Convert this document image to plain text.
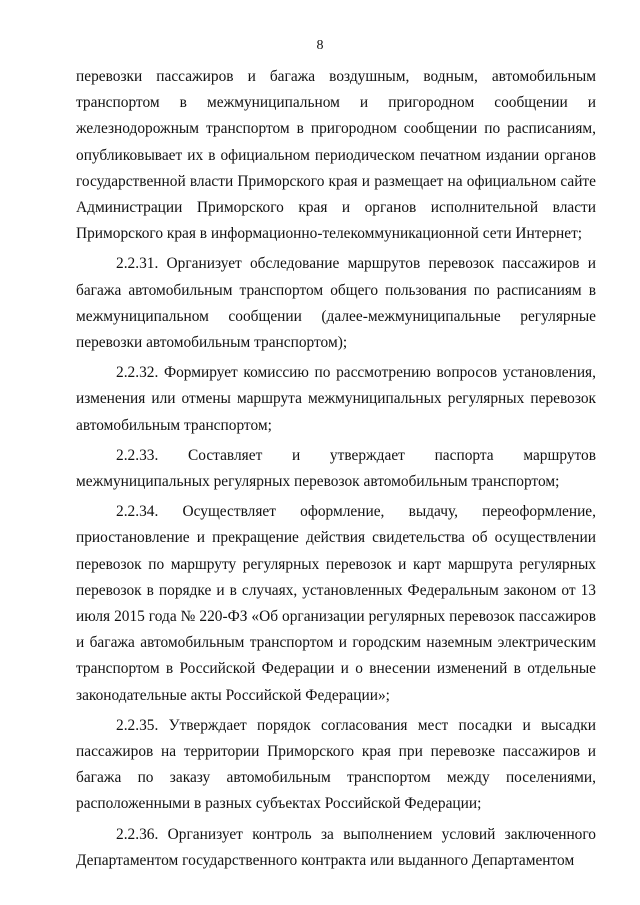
8

перевозки пассажиров и багажа воздушным, водным, автомобильным транспортом в межмуниципальном и пригородном сообщении и железнодорожным транспортом в пригородном сообщении по расписаниям, опубликовывает их в официальном периодическом печатном издании органов государственной власти Приморского края и размещает на официальном сайте Администрации Приморского края и органов исполнительной власти Приморского края в информационно-телекоммуникационной сети Интернет;

2.2.31. Организует обследование маршрутов перевозок пассажиров и багажа автомобильным транспортом общего пользования по расписаниям в межмуниципальном сообщении (далее-межмуниципальные регулярные перевозки автомобильным транспортом);

2.2.32. Формирует комиссию по рассмотрению вопросов установления, изменения или отмены маршрута межмуниципальных регулярных перевозок автомобильным транспортом;

2.2.33. Составляет и утверждает паспорта маршрутов межмуниципальных регулярных перевозок автомобильным транспортом;

2.2.34. Осуществляет оформление, выдачу, переоформление, приостановление и прекращение действия свидетельства об осуществлении перевозок по маршруту регулярных перевозок и карт маршрута регулярных перевозок в порядке и в случаях, установленных Федеральным законом от 13 июля 2015 года № 220-ФЗ «Об организации регулярных перевозок пассажиров и багажа автомобильным транспортом и городским наземным электрическим транспортом в Российской Федерации и о внесении изменений в отдельные законодательные акты Российской Федерации»;

2.2.35. Утверждает порядок согласования мест посадки и высадки пассажиров на территории Приморского края при перевозке пассажиров и багажа по заказу автомобильным транспортом между поселениями, расположенными в разных субъектах Российской Федерации;

2.2.36. Организует контроль за выполнением условий заключенного Департаментом государственного контракта или выданного Департаментом
